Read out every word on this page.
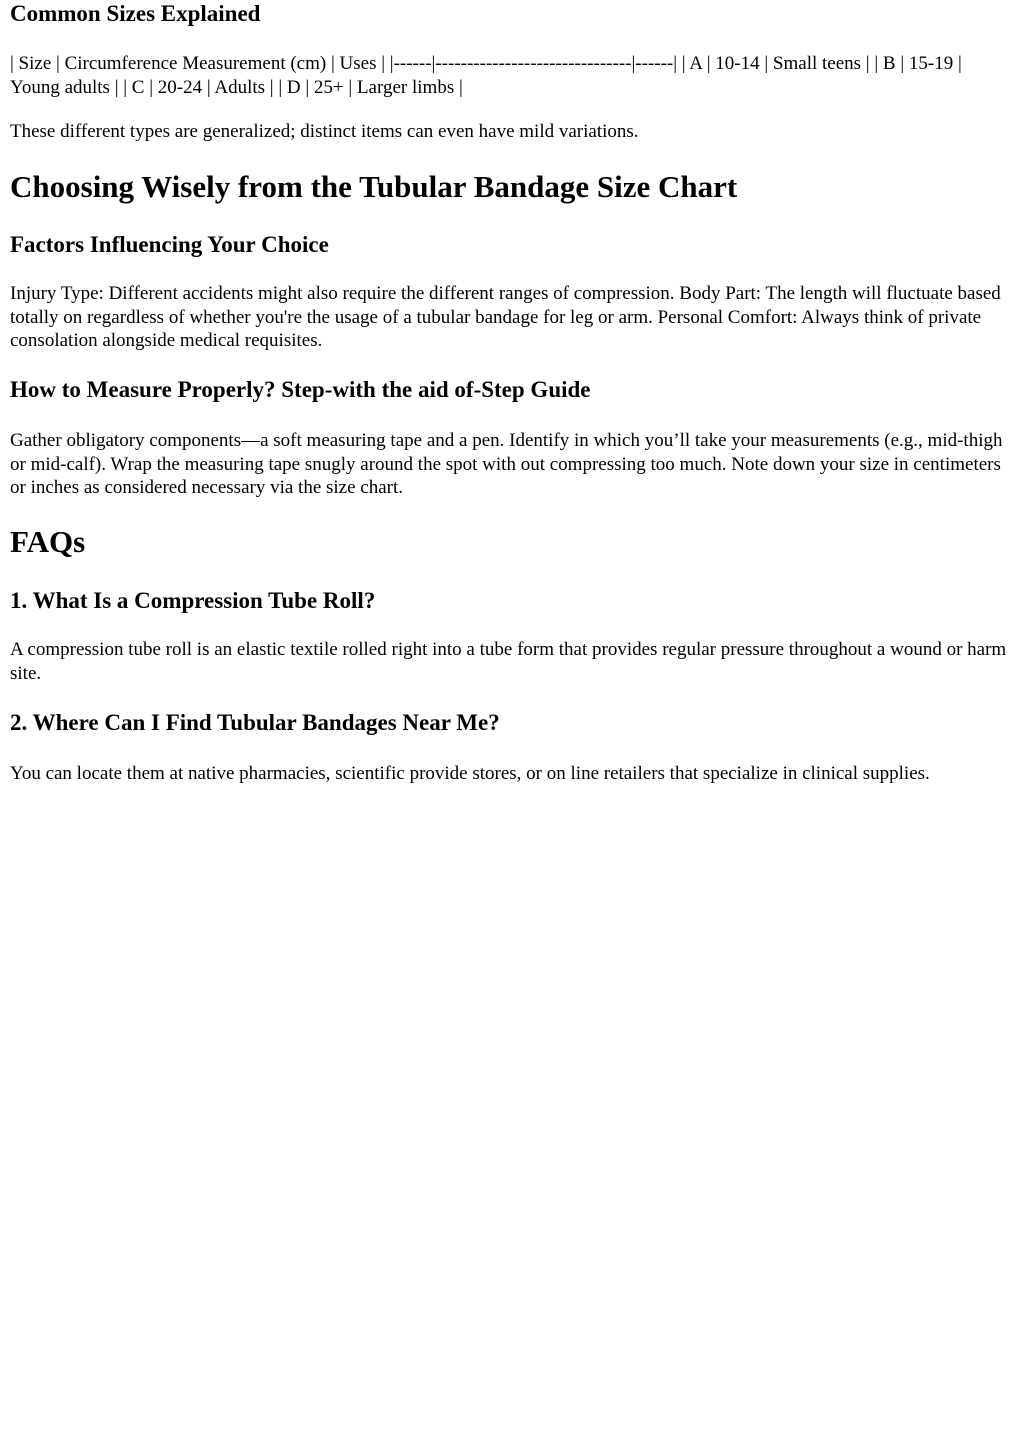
Common Sizes Explained

| Size | Circumference Measurement (cm) | Uses | |------|-------------------------------|------| | A | 10-14 | Small teens | | B | 15-19 | Young adults | | C | 20-24 | Adults | | D | 25+ | Larger limbs |

These different types are generalized; distinct items can even have mild variations.

Choosing Wisely from the Tubular Bandage Size Chart
Factors Influencing Your Choice

Injury Type: Different accidents might also require the different ranges of compression. Body Part: The length will fluctuate based totally on regardless of whether you're the usage of a tubular bandage for leg or arm. Personal Comfort: Always think of private consolation alongside medical requisites.

How to Measure Properly? Step-with the aid of-Step Guide

Gather obligatory components—a soft measuring tape and a pen. Identify in which you’ll take your measurements (e.g., mid-thigh or mid-calf). Wrap the measuring tape snugly around the spot with out compressing too much. Note down your size in centimeters or inches as considered necessary via the size chart.

FAQs
1. What Is a Compression Tube Roll?

A compression tube roll is an elastic textile rolled right into a tube form that provides regular pressure throughout a wound or harm site.

2. Where Can I Find Tubular Bandages Near Me?

You can locate them at native pharmacies, scientific provide stores, or on line retailers that specialize in clinical supplies.
